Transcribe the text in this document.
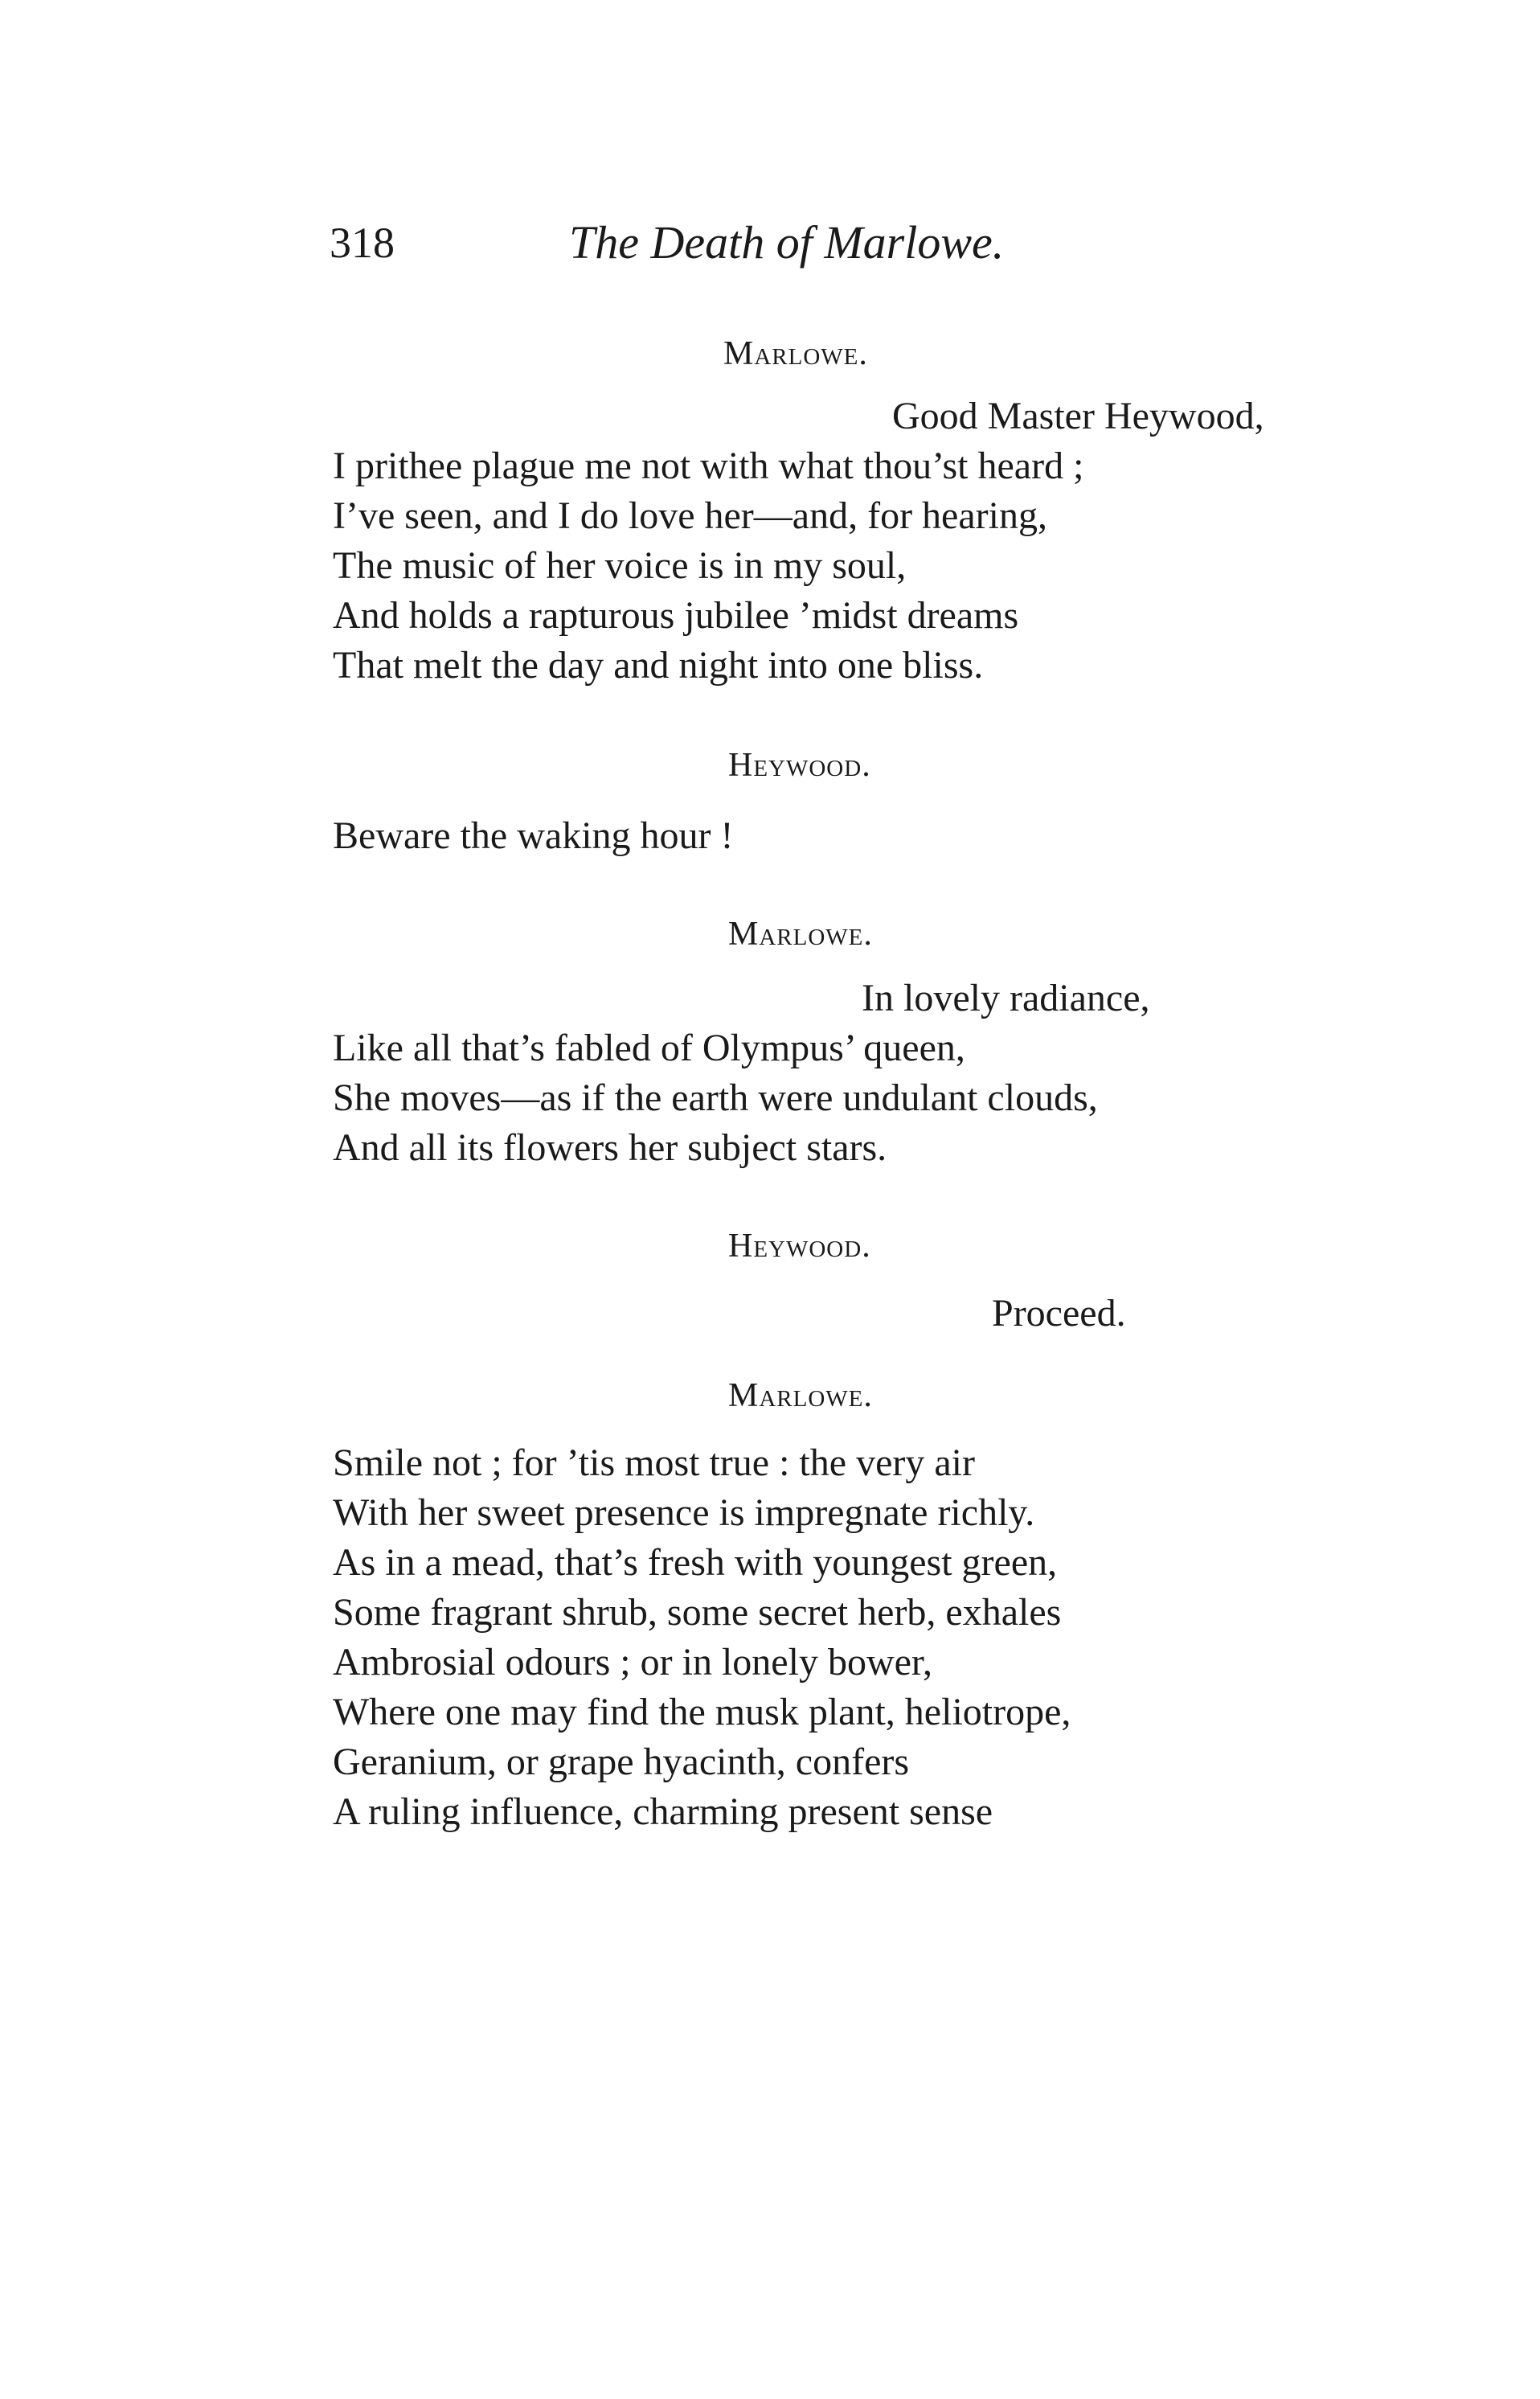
318	The Death of Marlowe.
Marlowe.
Good Master Heywood,
I prithee plague me not with what thou’st heard ;
I’ve seen, and I do love her—and, for hearing,
The music of her voice is in my soul,
And holds a rapturous jubilee ’midst dreams
That melt the day and night into one bliss.
Heywood.
Beware the waking hour !
Marlowe.
In lovely radiance,
Like all that’s fabled of Olympus’ queen,
She moves—as if the earth were undulant clouds,
And all its flowers her subject stars.
Heywood.
Proceed.
Marlowe.
Smile not ; for ’tis most true : the very air
With her sweet presence is impregnate richly.
As in a mead, that’s fresh with youngest green,
Some fragrant shrub, some secret herb, exhales
Ambrosial odours ; or in lonely bower,
Where one may find the musk plant, heliotrope,
Geranium, or grape hyacinth, confers
A ruling influence, charming present sense
